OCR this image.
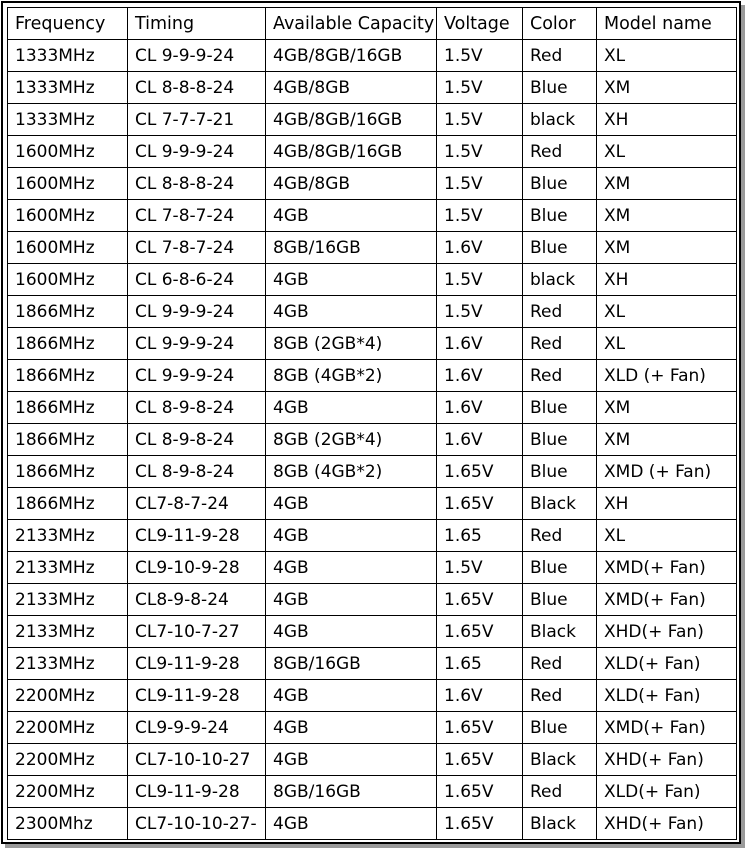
Frequency	Timing	Available Capacity	Voltage	Color	Model name
1333MHz	CL 9-9-9-24	4GB/8GB/16GB	1.5V	Red	XL
1333MHz	CL 8-8-8-24	4GB/8GB	1.5V	Blue	XM
1333MHz	CL 7-7-7-21	4GB/8GB/16GB	1.5V	black	XH
1600MHz	CL 9-9-9-24	4GB/8GB/16GB	1.5V	Red	XL
1600MHz	CL 8-8-8-24	4GB/8GB	1.5V	Blue	XM
1600MHz	CL 7-8-7-24	4GB	1.5V	Blue	XM
1600MHz	CL 7-8-7-24	8GB/16GB	1.6V	Blue	XM
1600MHz	CL 6-8-6-24	4GB	1.5V	black	XH
1866MHz	CL 9-9-9-24	4GB	1.5V	Red	XL
1866MHz	CL 9-9-9-24	8GB (2GB*4)	1.6V	Red	XL
1866MHz	CL 9-9-9-24	8GB (4GB*2)	1.6V	Red	XLD (+ Fan)
1866MHz	CL 8-9-8-24	4GB	1.6V	Blue	XM
1866MHz	CL 8-9-8-24	8GB (2GB*4)	1.6V	Blue	XM
1866MHz	CL 8-9-8-24	8GB (4GB*2)	1.65V	Blue	XMD (+ Fan)
1866MHz	CL7-8-7-24	4GB	1.65V	Black	XH
2133MHz	CL9-11-9-28	4GB	1.65	Red	XL
2133MHz	CL9-10-9-28	4GB	1.5V	Blue	XMD(+ Fan)
2133MHz	CL8-9-8-24	4GB	1.65V	Blue	XMD(+ Fan)
2133MHz	CL7-10-7-27	4GB	1.65V	Black	XHD(+ Fan)
2133MHz	CL9-11-9-28	8GB/16GB	1.65	Red	XLD(+ Fan)
2200MHz	CL9-11-9-28	4GB	1.6V	Red	XLD(+ Fan)
2200MHz	CL9-9-9-24	4GB	1.65V	Blue	XMD(+ Fan)
2200MHz	CL7-10-10-27	4GB	1.65V	Black	XHD(+ Fan)
2200MHz	CL9-11-9-28	8GB/16GB	1.65V	Red	XLD(+ Fan)
2300Mhz	CL7-10-10-27-	4GB	1.65V	Black	XHD(+ Fan)
